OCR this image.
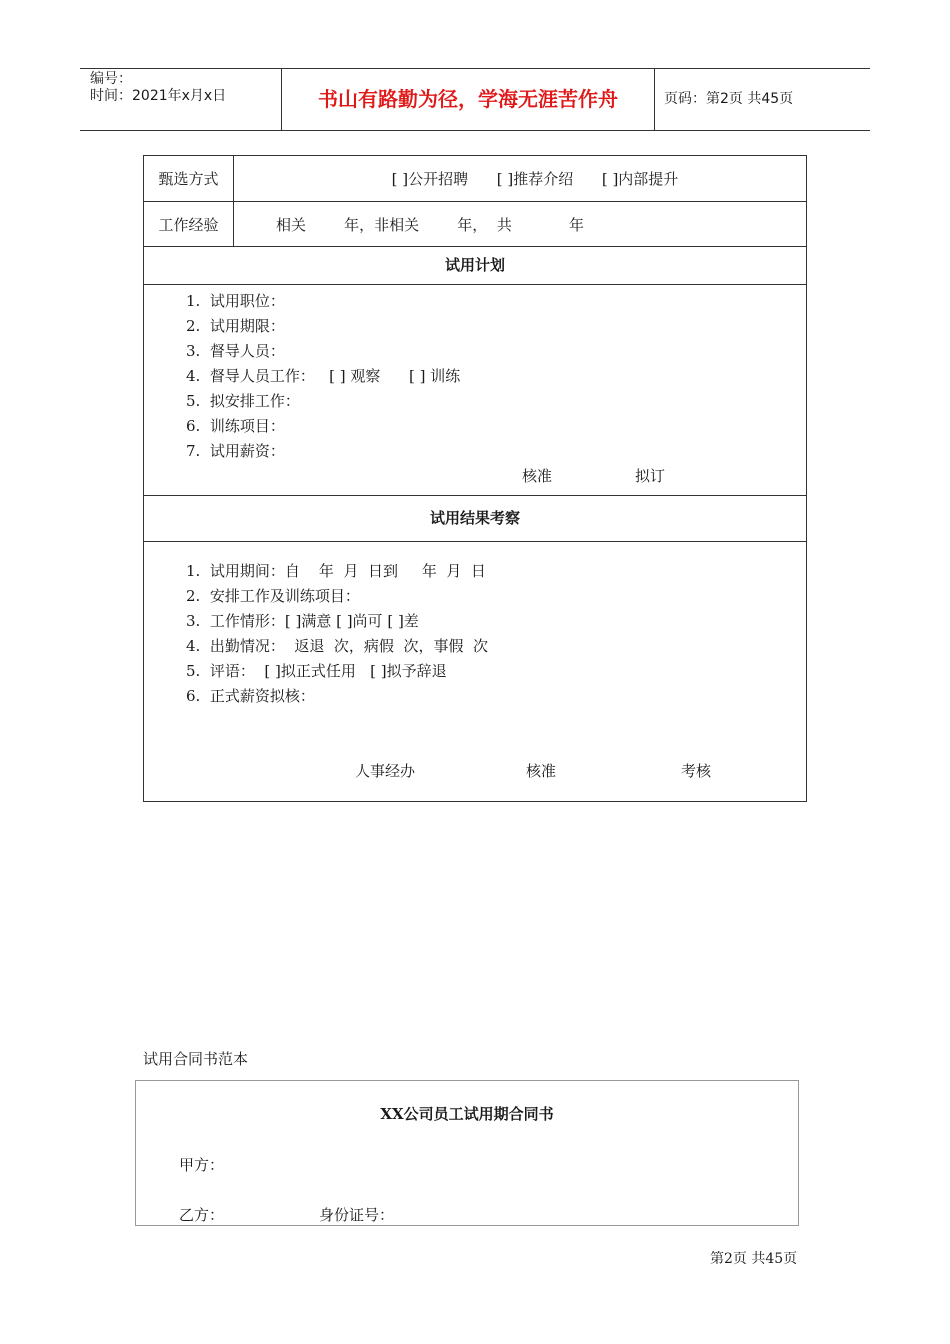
编号：
时间：2021年x月x日	书山有路勤为径，学海无涯苦作舟	页码：第2页 共45页
甄选方式	[ ]公开招聘      [ ]推荐介绍      [ ]内部提升
工作经验	相关        年，非相关        年，  共            年
试用计划
1.  试用职位：
2.  试用期限：
3.  督导人员：
4.  督导人员工作：   [ ] 观察      [ ] 训练
5.  拟安排工作：
6.  训练项目：
7.  试用薪资：
核准	拟订
试用结果考察
1.  试用期间：自    年  月  日到     年  月  日
2.  安排工作及训练项目：
3.  工作情形：[ ]满意 [ ]尚可 [ ]差
4.  出勤情况：  返退  次，病假  次，事假  次
5.  评语：  [ ]拟正式任用   [ ]拟予辞退
6.  正式薪资拟核：
人事经办	核准	考核
试用合同书范本
XX公司员工试用期合同书
甲方：
乙方：	身份证号：
第2页 共45页
